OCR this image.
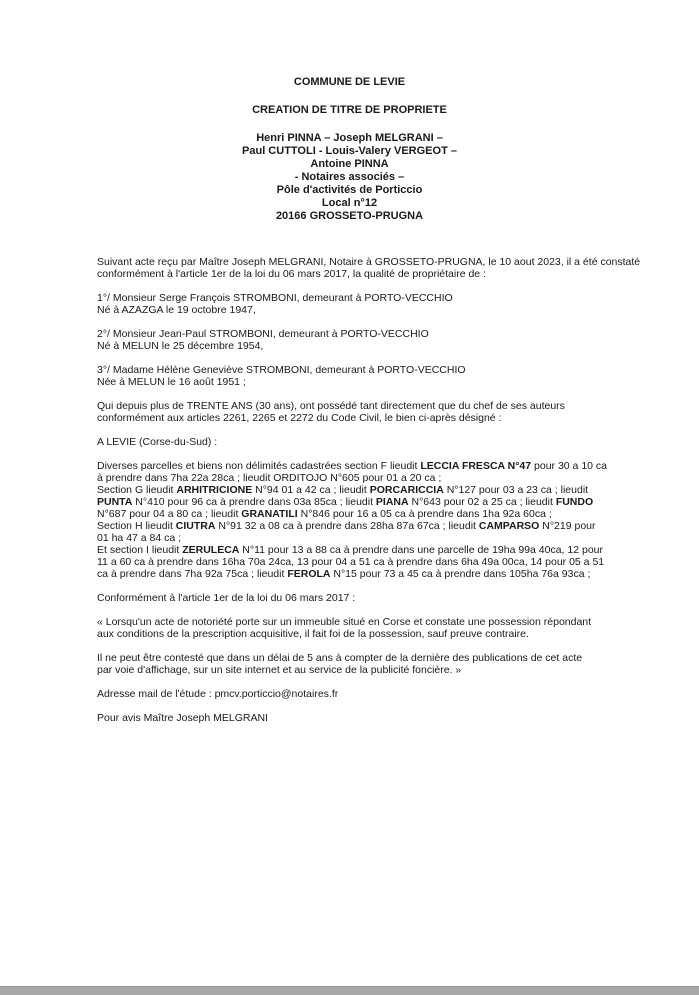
COMMUNE DE LEVIE
CREATION DE TITRE DE PROPRIETE
Henri PINNA – Joseph MELGRANI –
Paul CUTTOLI - Louis-Valery VERGEOT –
Antoine PINNA
- Notaires associés –
Pôle d'activités de Porticcio
Local n°12
20166 GROSSETO-PRUGNA
Suivant acte reçu par Maître Joseph MELGRANI, Notaire à GROSSETO-PRUGNA, le 10 aout 2023, il a été constaté
conformément à l'article 1er de la loi du 06 mars 2017, la qualité de propriétaire de :
1°/ Monsieur Serge François STROMBONI, demeurant à PORTO-VECCHIO
Né à AZAZGA le 19 octobre 1947,
2°/ Monsieur Jean-Paul STROMBONI, demeurant à PORTO-VECCHIO
Né à MELUN le 25 décembre 1954,
3°/ Madame Hélène Geneviève STROMBONI, demeurant à PORTO-VECCHIO
Née à MELUN le 16 août 1951 ;
Qui depuis plus de TRENTE ANS (30 ans), ont possédé tant directement que du chef de ses auteurs
conformément aux articles 2261, 2265 et 2272 du Code Civil, le bien ci-après désigné :
A LEVIE (Corse-du-Sud) :
Diverses parcelles et biens non délimités cadastrées section F lieudit LECCIA FRESCA N°47 pour 30 a 10 ca
à prendre dans 7ha 22a 28ca ; lieudit ORDITOJO N°605 pour 01 a 20 ca ;
Section G lieudit ARHITRICIONE N°94 01 a 42 ca ; lieudit PORCARICCIA N°127 pour 03 a 23 ca ; lieudit
PUNTA N°410 pour 96 ca à prendre dans 03a 85ca ; lieudit PIANA N°643 pour 02 a 25 ca ; lieudit FUNDO
N°687 pour 04 a 80 ca ; lieudit GRANATILI N°846 pour 16 a 05 ca à prendre dans 1ha 92a 60ca ;
Section H lieudit CIUTRA N°91 32 a 08 ca à prendre dans 28ha 87a 67ca ; lieudit CAMPARSO N°219 pour
01 ha 47 a 84 ca ;
Et section I lieudit ZERULECA N°11 pour 13 a 88 ca à prendre dans une parcelle de 19ha 99a 40ca, 12 pour
11 a 60 ca à prendre dans 16ha 70a 24ca, 13 pour 04 a 51 ca à prendre dans 6ha 49a 00ca, 14 pour 05 a 51
ca à prendre dans 7ha 92a 75ca ; lieudit FEROLA N°15 pour 73 a 45 ca à prendre dans 105ha 76a 93ca ;
Conformément à l'article 1er de la loi du 06 mars 2017 :
« Lorsqu'un acte de notoriété porte sur un immeuble situé en Corse et constate une possession répondant
aux conditions de la prescription acquisitive, il fait foi de la possession, sauf preuve contraire.
Il ne peut être contesté que dans un délai de 5 ans à compter de la dernière des publications de cet acte
par voie d'affichage, sur un site internet et au service de la publicité foncière. »
Adresse mail de l'étude : pmcv.porticcio@notaires.fr
Pour avis Maître Joseph MELGRANI
